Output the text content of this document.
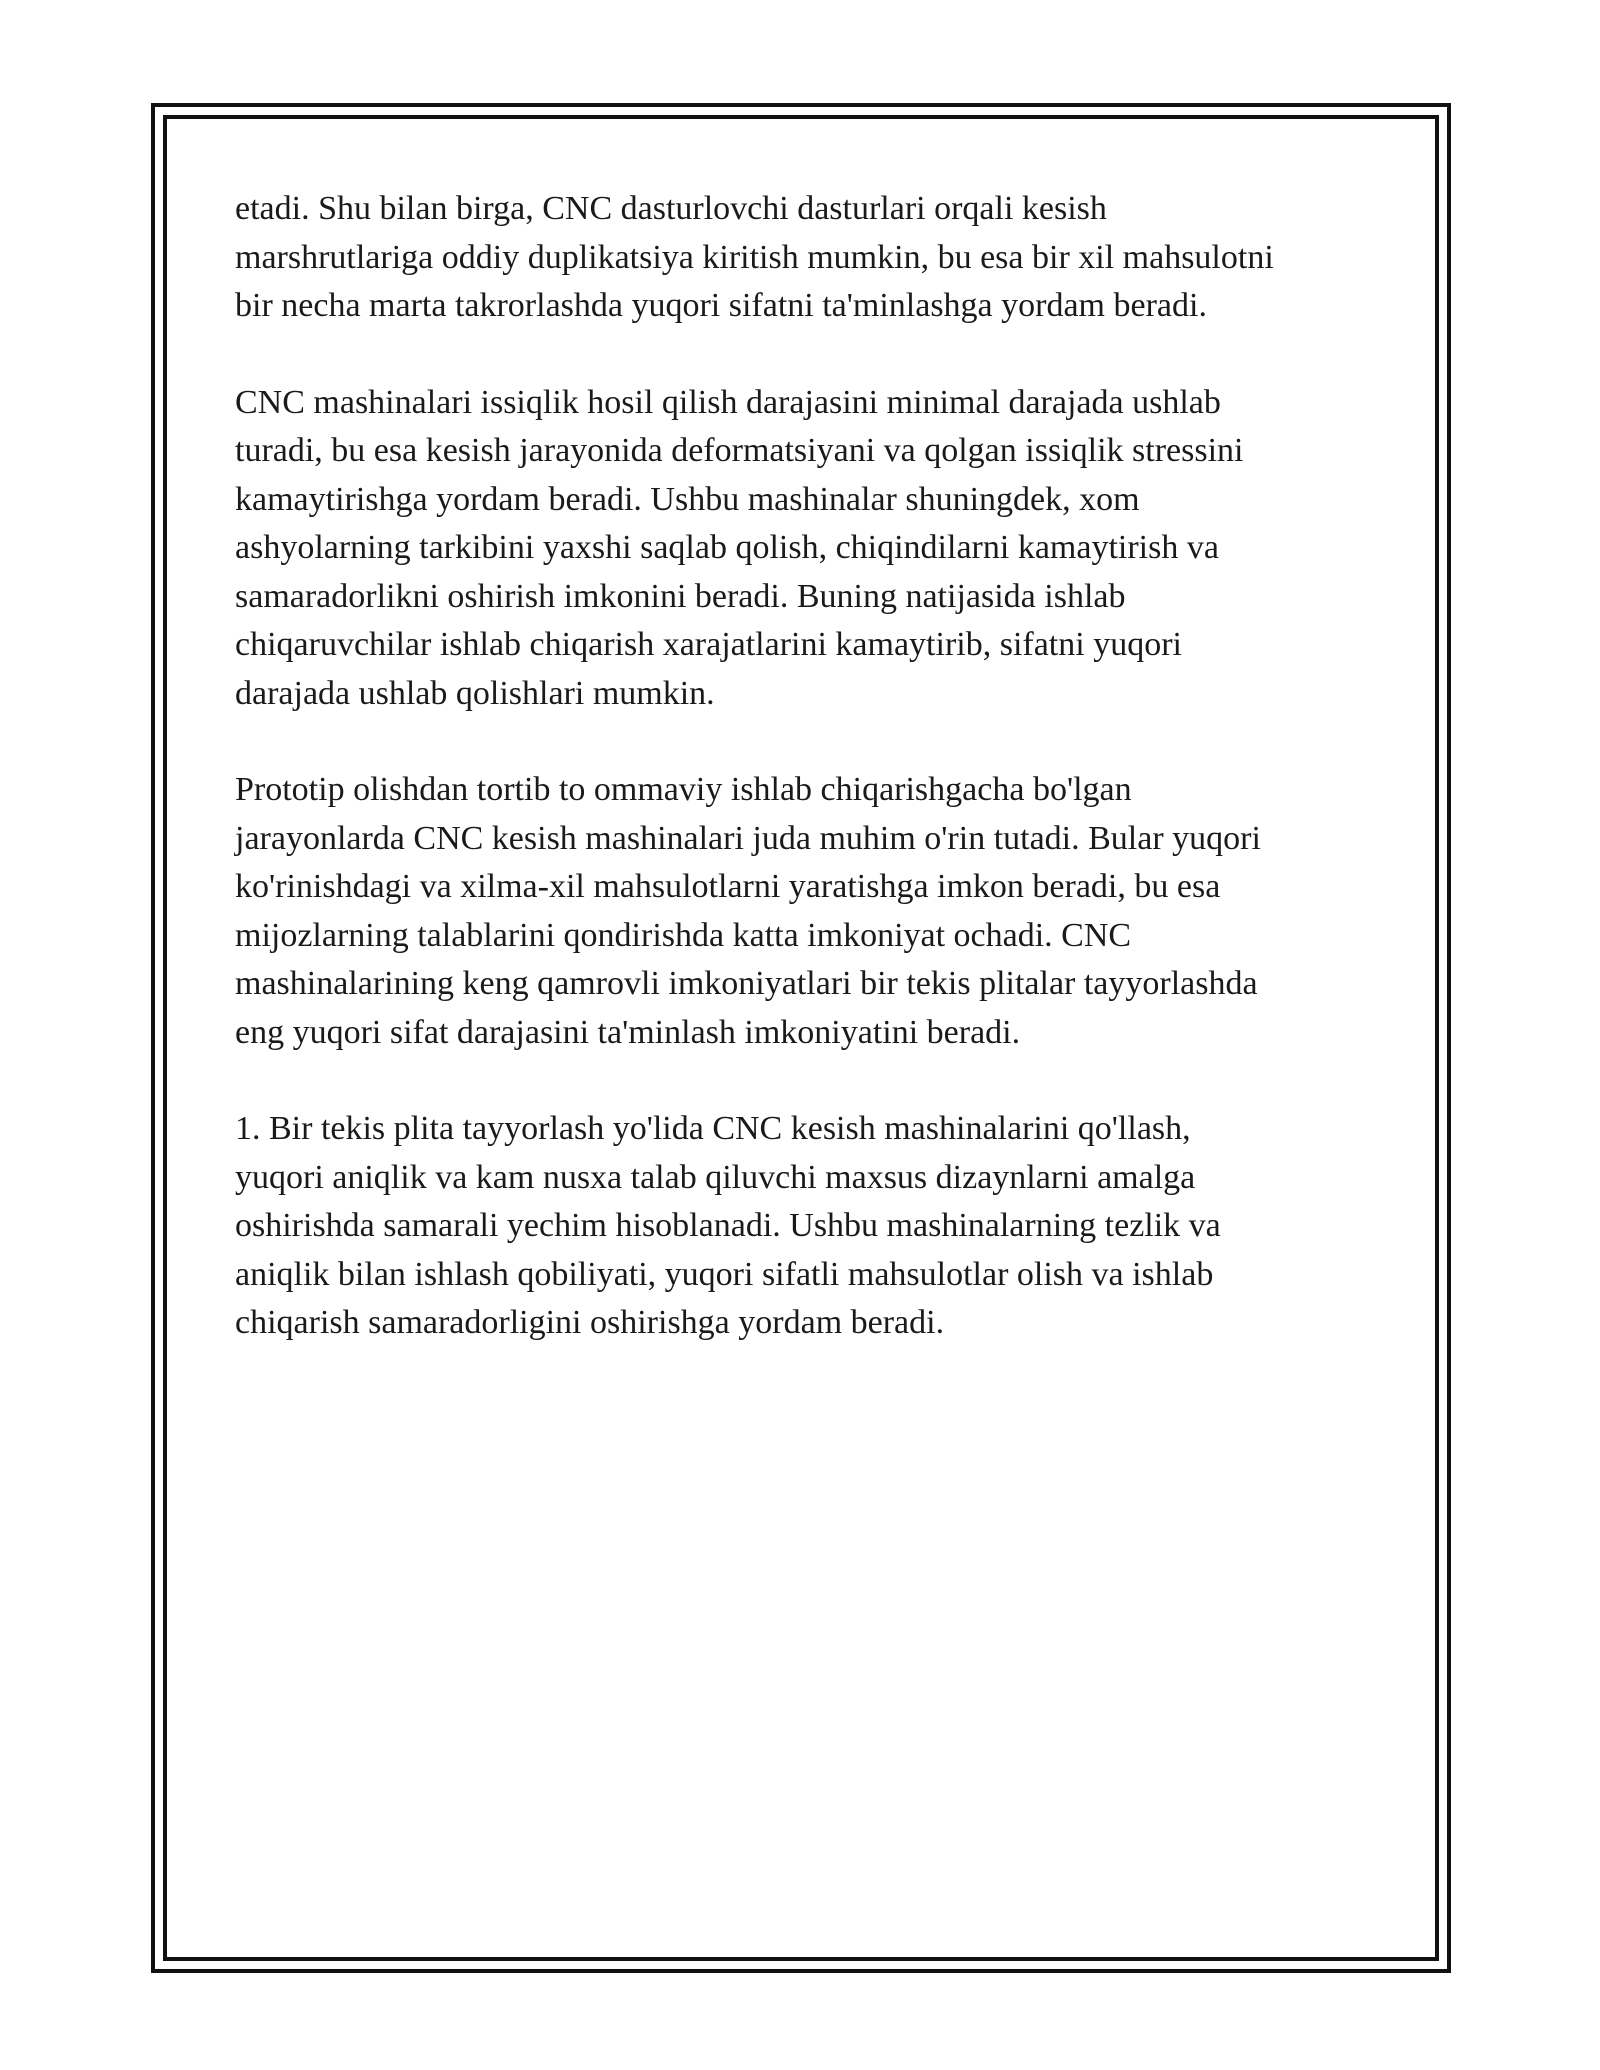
etadi. Shu bilan birga, CNC dasturlovchi dasturlari orqali kesish
marshrutlariga oddiy duplikatsiya kiritish mumkin, bu esa bir xil mahsulotni
bir necha marta takrorlashda yuqori sifatni ta'minlashga yordam beradi.

CNC mashinalari issiqlik hosil qilish darajasini minimal darajada ushlab
turadi, bu esa kesish jarayonida deformatsiyani va qolgan issiqlik stressini
kamaytirishga yordam beradi. Ushbu mashinalar shuningdek, xom
ashyolarning tarkibini yaxshi saqlab qolish, chiqindilarni kamaytirish va
samaradorlikni oshirish imkonini beradi. Buning natijasida ishlab
chiqaruvchilar ishlab chiqarish xarajatlarini kamaytirib, sifatni yuqori
darajada ushlab qolishlari mumkin.

Prototip olishdan tortib to ommaviy ishlab chiqarishgacha bo'lgan
jarayonlarda CNC kesish mashinalari juda muhim o'rin tutadi. Bular yuqori
ko'rinishdagi va xilma-xil mahsulotlarni yaratishga imkon beradi, bu esa
mijozlarning talablarini qondirishda katta imkoniyat ochadi. CNC
mashinalarining keng qamrovli imkoniyatlari bir tekis plitalar tayyorlashda
eng yuqori sifat darajasini ta'minlash imkoniyatini beradi.

1. Bir tekis plita tayyorlash yo'lida CNC kesish mashinalarini qo'llash,
yuqori aniqlik va kam nusxa talab qiluvchi maxsus dizaynlarni amalga
oshirishda samarali yechim hisoblanadi. Ushbu mashinalarning tezlik va
aniqlik bilan ishlash qobiliyati, yuqori sifatli mahsulotlar olish va ishlab
chiqarish samaradorligini oshirishga yordam beradi.
